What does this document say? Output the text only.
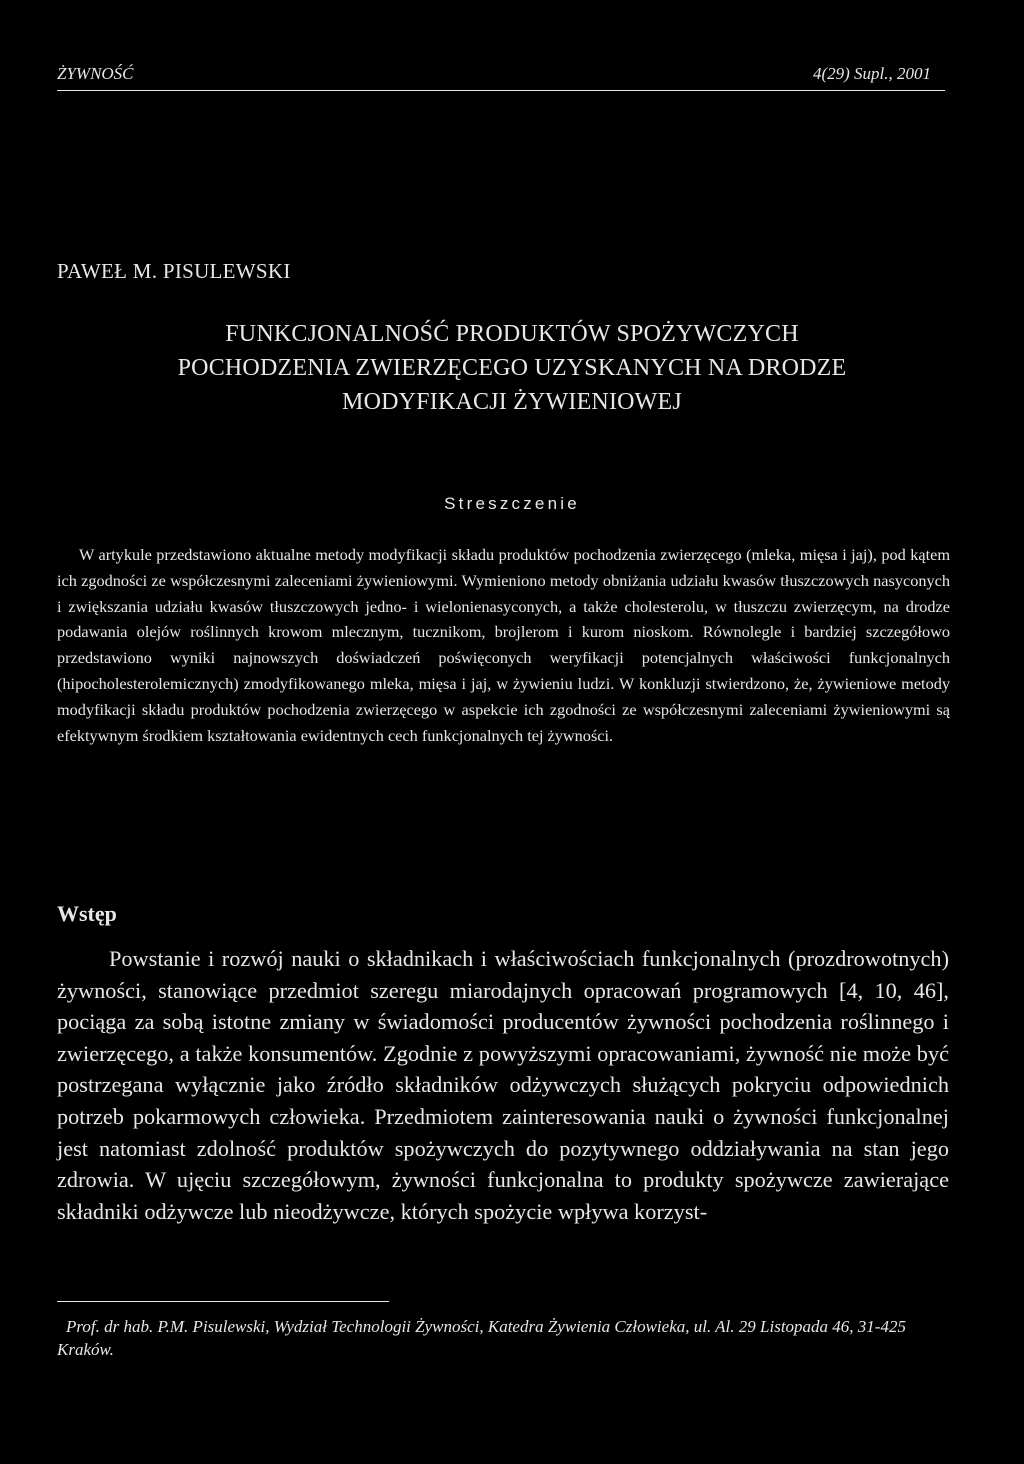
ŻYWNOŚĆ	4(29) Supl., 2001
PAWEŁ M. PISULEWSKI
FUNKCJONALNOŚĆ PRODUKTÓW SPOŻYWCZYCH
POCHODZENIA ZWIERZĘCEGO UZYSKANYCH NA DRODZE
MODYFIKACJI ŻYWIENIOWEJ
Streszczenie
W artykule przedstawiono aktualne metody modyfikacji składu produktów pochodzenia zwierzęcego (mleka, mięsa i jaj), pod kątem ich zgodności ze współczesnymi zaleceniami żywieniowymi. Wymieniono metody obniżania udziału kwasów tłuszczowych nasyconych i zwiększania udziału kwasów tłuszczowych jedno- i wielonienasyconych, a także cholesterolu, w tłuszczu zwierzęcym, na drodze podawania olejów roślinnych krowom mlecznym, tucznikom, brojlerom i kurom nioskom. Równolegle i bardziej szczegółowo przedstawiono wyniki najnowszych doświadczeń poświęconych weryfikacji potencjalnych właściwości funkcjonalnych (hipocholesterolemicznych) zmodyfikowanego mleka, mięsa i jaj, w żywieniu ludzi. W konkluzji stwierdzono, że, żywieniowe metody modyfikacji składu produktów pochodzenia zwierzęcego w aspekcie ich zgodności ze współczesnymi zaleceniami żywieniowymi są efektywnym środkiem kształtowania ewidentnych cech funkcjonalnych tej żywności.
Wstęp
Powstanie i rozwój nauki o składnikach i właściwościach funkcjonalnych (prozdrowotnych) żywności, stanowiące przedmiot szeregu miarodajnych opracowań programowych [4, 10, 46], pociąga za sobą istotne zmiany w świadomości producentów żywności pochodzenia roślinnego i zwierzęcego, a także konsumentów. Zgodnie z powyższymi opracowaniami, żywność nie może być postrzegana wyłącznie jako źródło składników odżywczych służących pokryciu odpowiednich potrzeb pokarmowych człowieka. Przedmiotem zainteresowania nauki o żywności funkcjonalnej jest natomiast zdolność produktów spożywczych do pozytywnego oddziaływania na stan jego zdrowia. W ujęciu szczegółowym, żywności funkcjonalna to produkty spożywcze zawierające składniki odżywcze lub nieodżywcze, których spożycie wpływa korzyst-
Prof. dr hab. P.M. Pisulewski, Wydział Technologii Żywności, Katedra Żywienia Człowieka, ul. Al. 29 Listopada 46, 31-425 Kraków.
